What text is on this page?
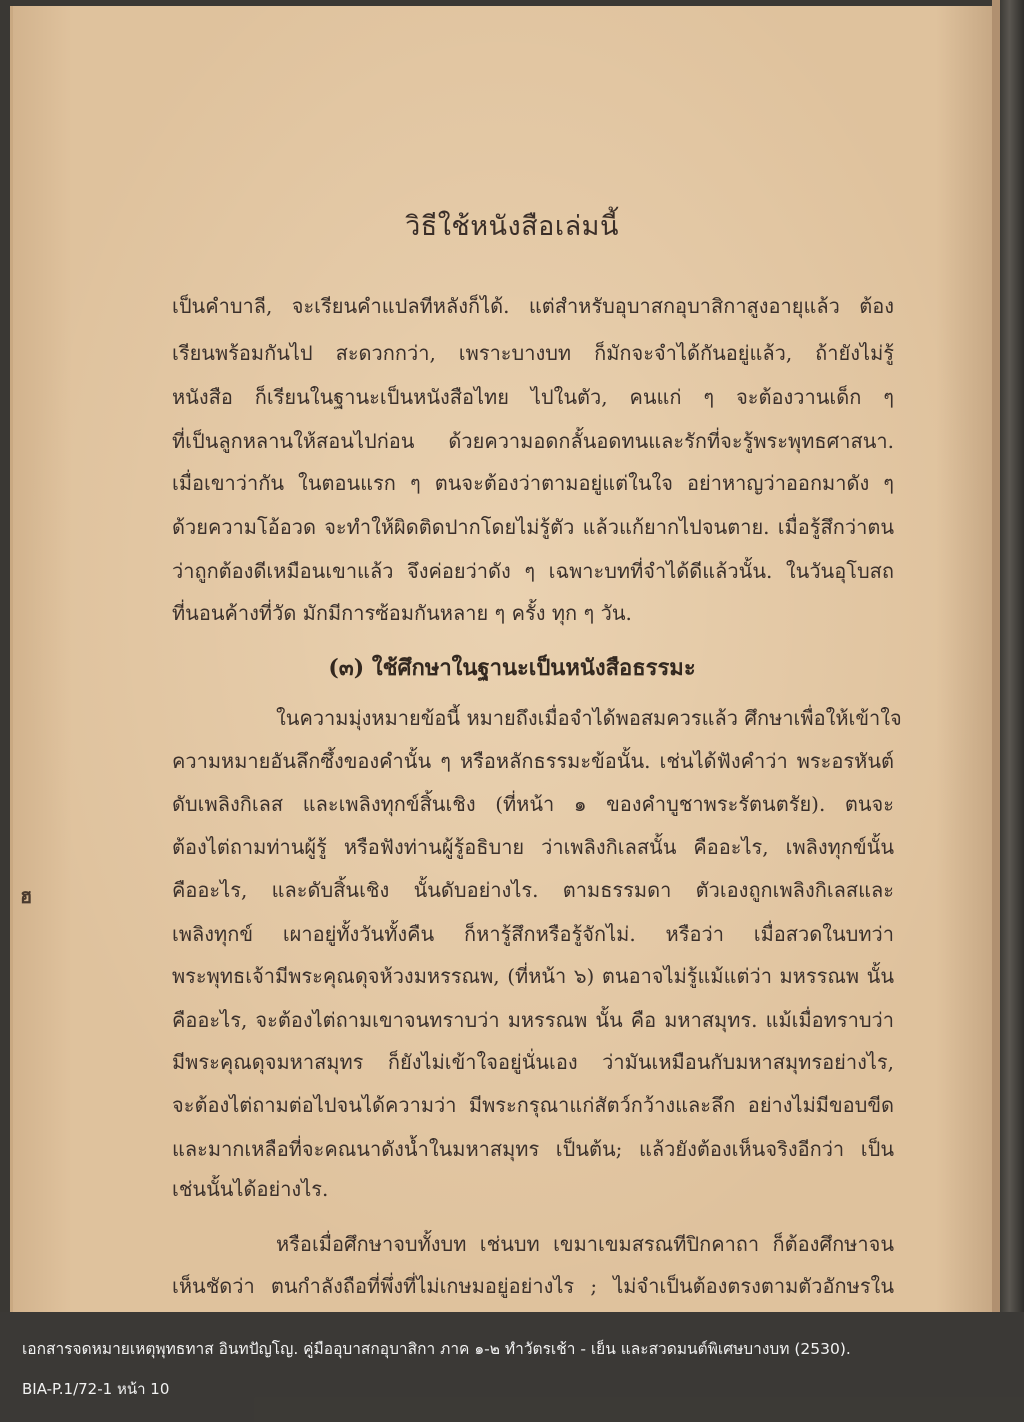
วิธีใช้หนังสือเล่มนี้
เป็นคำบาลี, จะเรียนคำแปลทีหลังก็ได้. แต่สำหรับอุบาสกอุบาสิกาสูงอายุแล้ว ต้อง
เรียนพร้อมกันไป สะดวกกว่า, เพราะบางบท ก็มักจะจำได้กันอยู่แล้ว, ถ้ายังไม่รู้
หนังสือ ก็เรียนในฐานะเป็นหนังสือไทย ไปในตัว, คนแก่ ๆ จะต้องวานเด็ก ๆ
ที่เป็นลูกหลานให้สอนไปก่อน ด้วยความอดกลั้นอดทนและรักที่จะรู้พระพุทธศาสนา.
เมื่อเขาว่ากัน ในตอนแรก ๆ ตนจะต้องว่าตามอยู่แต่ในใจ อย่าหาญว่าออกมาดัง ๆ
ด้วยความโอ้อวด จะทำให้ผิดติดปากโดยไม่รู้ตัว แล้วแก้ยากไปจนตาย. เมื่อรู้สึกว่าตน
ว่าถูกต้องดีเหมือนเขาแล้ว จึงค่อยว่าดัง ๆ เฉพาะบทที่จำได้ดีแล้วนั้น. ในวันอุโบสถ
ที่นอนค้างที่วัด มักมีการซ้อมกันหลาย ๆ ครั้ง ทุก ๆ วัน.
(๓) ใช้ศึกษาในฐานะเป็นหนังสือธรรมะ
ในความมุ่งหมายข้อนี้ หมายถึงเมื่อจำได้พอสมควรแล้ว ศึกษาเพื่อให้เข้าใจ
ความหมายอันลึกซึ้งของคำนั้น ๆ หรือหลักธรรมะข้อนั้น. เช่นได้ฟังคำว่า พระอรหันต์
ดับเพลิงกิเลส และเพลิงทุกข์สิ้นเชิง (ที่หน้า ๑ ของคำบูชาพระรัตนตรัย). ตนจะ
ต้องไต่ถามท่านผู้รู้ หรือฟังท่านผู้รู้อธิบาย ว่าเพลิงกิเลสนั้น คืออะไร, เพลิงทุกข์นั้น
คืออะไร, และดับสิ้นเชิง นั้นดับอย่างไร. ตามธรรมดา ตัวเองถูกเพลิงกิเลสและ
เพลิงทุกข์ เผาอยู่ทั้งวันทั้งคืน ก็หารู้สึกหรือรู้จักไม่. หรือว่า เมื่อสวดในบทว่า
พระพุทธเจ้ามีพระคุณดุจห้วงมหรรณพ, (ที่หน้า ๖) ตนอาจไม่รู้แม้แต่ว่า มหรรณพ นั้น
คืออะไร, จะต้องไต่ถามเขาจนทราบว่า มหรรณพ นั้น คือ มหาสมุทร. แม้เมื่อทราบว่า
มีพระคุณดุจมหาสมุทร ก็ยังไม่เข้าใจอยู่นั่นเอง ว่ามันเหมือนกับมหาสมุทรอย่างไร,
จะต้องไต่ถามต่อไปจนได้ความว่า มีพระกรุณาแก่สัตว์กว้างและลึก อย่างไม่มีขอบขีด
และมากเหลือที่จะคณนาดังน้ำในมหาสมุทร เป็นต้น; แล้วยังต้องเห็นจริงอีกว่า เป็น
เช่นนั้นได้อย่างไร.
หรือเมื่อศึกษาจบทั้งบท เช่นบท เขมาเขมสรณทีปิกคาถา ก็ต้องศึกษาจน
เห็นชัดว่า ตนกำลังถือที่พึ่งที่ไม่เกษมอยู่อย่างไร ; ไม่จำเป็นต้องตรงตามตัวอักษรใน
ฮ
เอกสารจดหมายเหตุพุทธทาส อินทปัญโญ. คู่มืออุบาสกอุบาสิกา ภาค ๑-๒ ทำวัตรเช้า - เย็น และสวดมนต์พิเศษบางบท (2530).
BIA-P.1/72-1 หน้า 10
